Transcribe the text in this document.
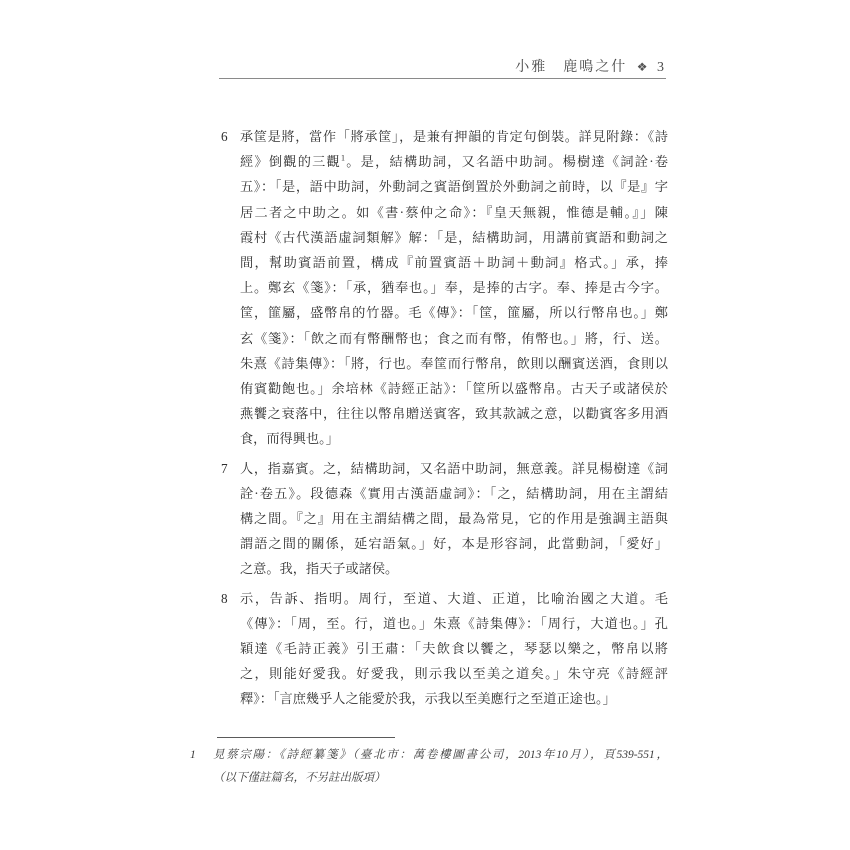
小雅　鹿鳴之什 ❖ 3
6 承筐是將，當作「將承筐」，是兼有押韻的肯定句倒裝。詳見附錄：《詩
經》倒觀的三觀$^1$。是，結構助詞，又名語中助詞。楊樹達《詞詮·卷
五》：「是，語中助詞，外動詞之賓語倒置於外動詞之前時，以『是』字
居二者之中助之。如《書·蔡仲之命》：『皇天無親，惟德是輔。』」陳
霞村《古代漢語虛詞類解》解：「是，結構助詞，用講前賓語和動詞之
間，幫助賓語前置，構成『前置賓語＋助詞＋動詞』格式。」承，捧
上。鄭玄《箋》：「承，猶奉也。」奉，是捧的古字。奉、捧是古今字。
筐，篚屬，盛幣帛的竹器。毛《傳》：「筐，篚屬，所以行幣帛也。」鄭
玄《箋》：「飲之而有幣酬幣也；食之而有幣，侑幣也。」將，行、送。
朱熹《詩集傳》：「將，行也。奉筐而行幣帛，飲則以酬賓送酒，食則以
侑賓勸飽也。」余培林《詩經正詁》：「筐所以盛幣帛。古天子或諸侯於
燕饗之衰落中，往往以幣帛贈送賓客，致其款誠之意，以勸賓客多用酒
食，而得興也。」
7 人，指嘉賓。之，結構助詞，又名語中助詞，無意義。詳見楊樹達《詞
詮·卷五》。段德森《實用古漢語虛詞》：「之，結構助詞，用在主謂結
構之間。『之』用在主謂結構之間，最為常見，它的作用是強調主語與
謂語之間的關係，延宕語氣。」好，本是形容詞，此當動詞，「愛好」
之意。我，指天子或諸侯。
8 示，告訴、指明。周行，至道、大道、正道，比喻治國之大道。毛
《傳》：「周，至。行，道也。」朱熹《詩集傳》：「周行，大道也。」孔
穎達《毛詩正義》引王肅：「夫飲食以饗之，琴瑟以樂之，幣帛以將
之，則能好愛我。好愛我，則示我以至美之道矣。」朱守亮《詩經評
釋》：「言庶幾乎人之能愛於我，示我以至美應行之至道正途也。」
1	見蔡宗陽：《詩經纂箋》（臺北市：萬卷樓圖書公司，2013年10月），頁539-551，
（以下僅註篇名，不另註出版項）
